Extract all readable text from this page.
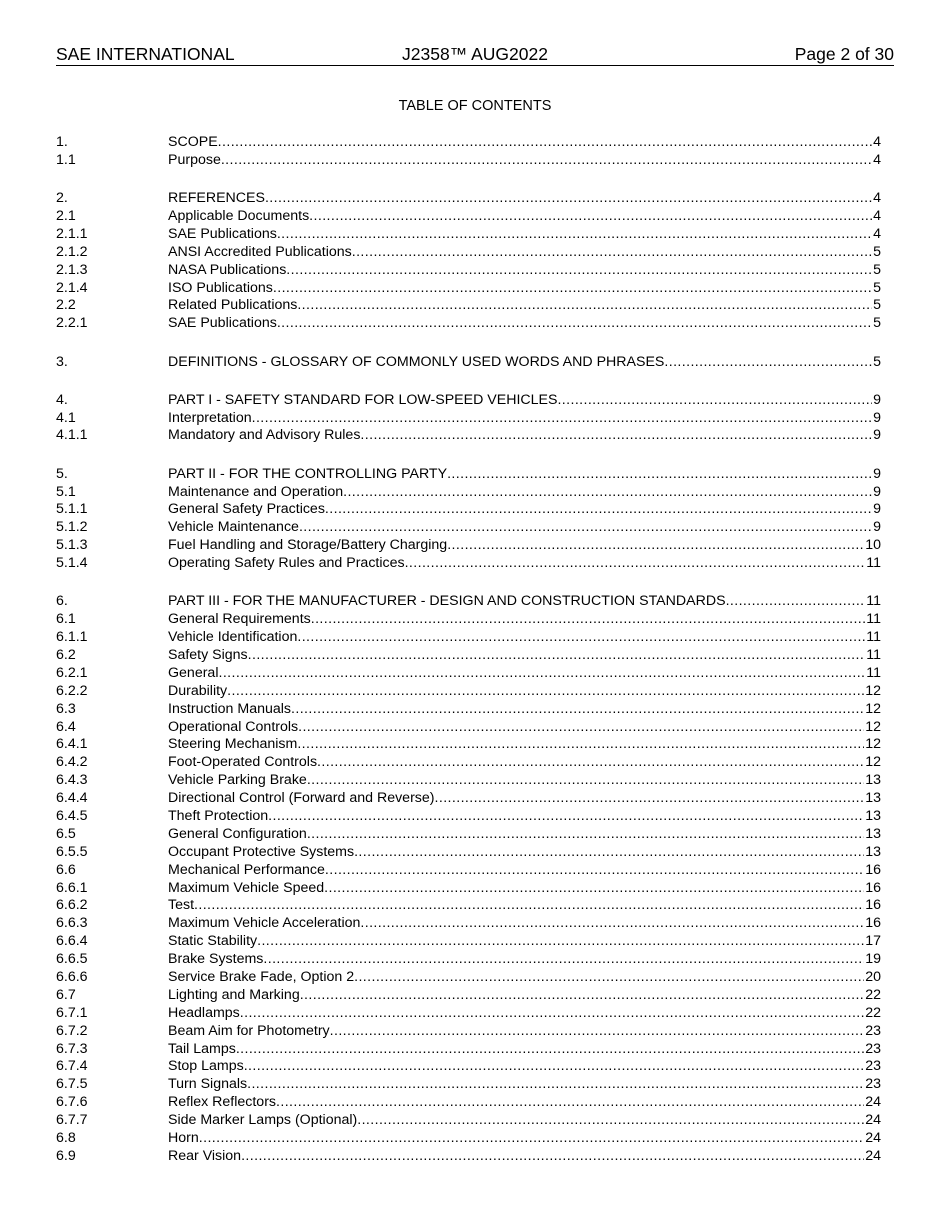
SAE INTERNATIONAL	J2358™ AUG2022	Page 2 of 30
TABLE OF CONTENTS
1.	SCOPE .....	4
1.1	Purpose .....	4
2.	REFERENCES .....	4
2.1	Applicable Documents .....	4
2.1.1	SAE Publications .....	4
2.1.2	ANSI Accredited Publications .....	5
2.1.3	NASA Publications .....	5
2.1.4	ISO Publications .....	5
2.2	Related Publications .....	5
2.2.1	SAE Publications .....	5
3.	DEFINITIONS - GLOSSARY OF COMMONLY USED WORDS AND PHRASES .....	5
4.	PART I - SAFETY STANDARD FOR LOW-SPEED VEHICLES .....	9
4.1	Interpretation .....	9
4.1.1	Mandatory and Advisory Rules .....	9
5.	PART II - FOR THE CONTROLLING PARTY .....	9
5.1	Maintenance and Operation .....	9
5.1.1	General Safety Practices .....	9
5.1.2	Vehicle Maintenance .....	9
5.1.3	Fuel Handling and Storage/Battery Charging .....	10
5.1.4	Operating Safety Rules and Practices .....	11
6.	PART III - FOR THE MANUFACTURER - DESIGN AND CONSTRUCTION STANDARDS .....	11
6.1	General Requirements .....	11
6.1.1	Vehicle Identification .....	11
6.2	Safety Signs .....	11
6.2.1	General .....	11
6.2.2	Durability .....	12
6.3	Instruction Manuals .....	12
6.4	Operational Controls .....	12
6.4.1	Steering Mechanism .....	12
6.4.2	Foot-Operated Controls .....	12
6.4.3	Vehicle Parking Brake .....	13
6.4.4	Directional Control (Forward and Reverse) .....	13
6.4.5	Theft Protection .....	13
6.5	General Configuration .....	13
6.5.5	Occupant Protective Systems .....	13
6.6	Mechanical Performance .....	16
6.6.1	Maximum Vehicle Speed .....	16
6.6.2	Test .....	16
6.6.3	Maximum Vehicle Acceleration .....	16
6.6.4	Static Stability .....	17
6.6.5	Brake Systems .....	19
6.6.6	Service Brake Fade, Option 2 .....	20
6.7	Lighting and Marking .....	22
6.7.1	Headlamps .....	22
6.7.2	Beam Aim for Photometry .....	23
6.7.3	Tail Lamps .....	23
6.7.4	Stop Lamps .....	23
6.7.5	Turn Signals .....	23
6.7.6	Reflex Reflectors .....	24
6.7.7	Side Marker Lamps (Optional) .....	24
6.8	Horn .....	24
6.9	Rear Vision .....	24
